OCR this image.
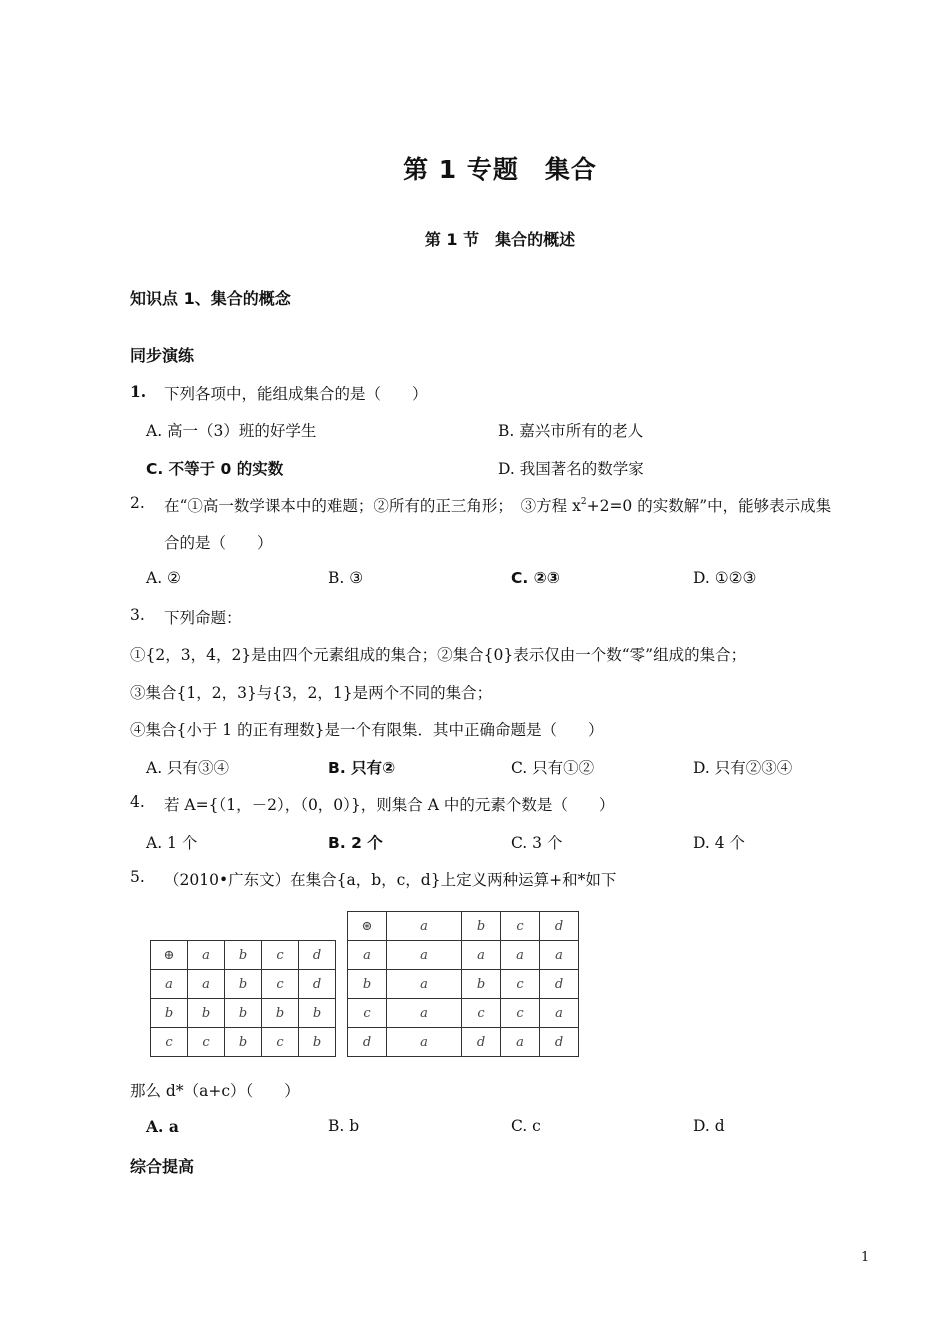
第 1 专题　集合
第 1 节　集合的概述
知识点 1、集合的概念
同步演练
1. 下列各项中，能组成集合的是（　　）
A. 高一（3）班的好学生	B. 嘉兴市所有的老人
C. 不等于 0 的实数	D. 我国著名的数学家
2. 在“①高一数学课本中的难题；②所有的正三角形；　③方程 $x^2+2=0$ 的实数解”中，能够表示成集
合的是（　　）
A. ②	B. ③	C. ②③	D. ①②③
3. 下列命题：
①{2，3，4，2}是由四个元素组成的集合；②集合{0}表示仅由一个数“零”组成的集合；
③集合{1，2，3}与{3，2，1}是两个不同的集合；
④集合{小于 1 的正有理数}是一个有限集．其中正确命题是（　　）
A. 只有③④	B. 只有②	C. 只有①②	D. 只有②③④
4. 若 A={（1，－2），（0，0）}，则集合 A 中的元素个数是（　　）
A. 1 个	B. 2 个	C. 3 个	D. 4 个
5. （2010•广东文）在集合{a，b，c，d}上定义两种运算+和*如下
⊕	a	b	c	d
a	a	b	c	d
b	b	b	b	b
c	c	b	c	b
⊛	a	b	c	d
a	a	a	a	a
b	a	b	c	d
c	a	c	c	a
d	a	d	a	d
那么 d*（a+c）（　　）
A. a	B. b	C. c	D. d
综合提高
1
